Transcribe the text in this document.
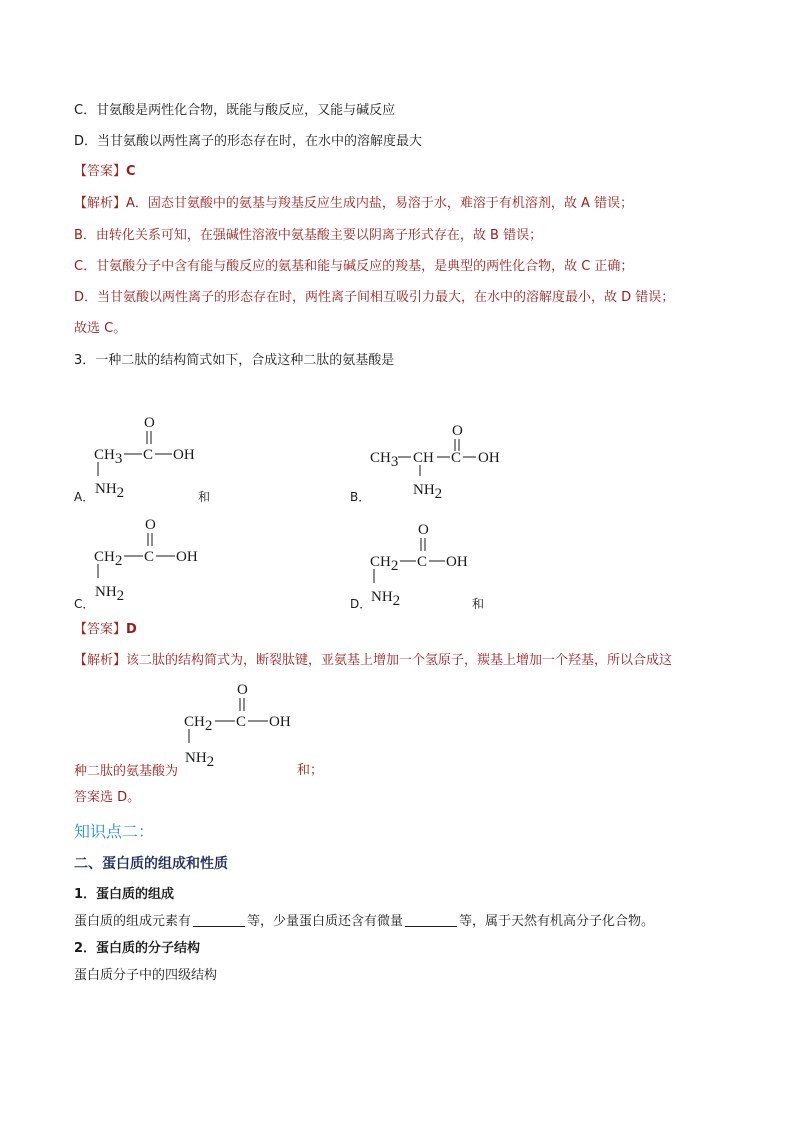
C．甘氨酸是两性化合物，既能与酸反应，又能与碱反应
D．当甘氨酸以两性离子的形态存在时，在水中的溶解度最大
【答案】C
【解析】A．固态甘氨酸中的氨基与羧基反应生成内盐，易溶于水，难溶于有机溶剂，故 A 错误；
B．由转化关系可知，在强碱性溶液中氨基酸主要以阴离子形式存在，故 B 错误；
C．甘氨酸分子中含有能与酸反应的氨基和能与碱反应的羧基，是典型的两性化合物，故 C 正确；
D．当甘氨酸以两性离子的形态存在时，两性离子间相互吸引力最大，在水中的溶解度最小，故 D 错误；
故选 C。
3．一种二肽的结构简式如下，合成这种二肽的氨基酸是
A．	和
O
CH3 C OH
NH2	B．
O
CH3 CH C OH
NH2
C．
O
CH2 C OH
NH2	D．	和
O
CH2 C OH
NH2
【答案】D
【解析】该二肽的结构简式为，断裂肽键，亚氨基上增加一个氢原子，羰基上增加一个羟基，所以合成这
O
CH2 C OH
NH2
种二肽的氨基酸为	和；
答案选 D。
知识点二：
二、蛋白质的组成和性质
1．蛋白质的组成
蛋白质的组成元素有	等，少量蛋白质还含有微量	等，属于天然有机高分子化合物。
2．蛋白质的分子结构
蛋白质分子中的四级结构
